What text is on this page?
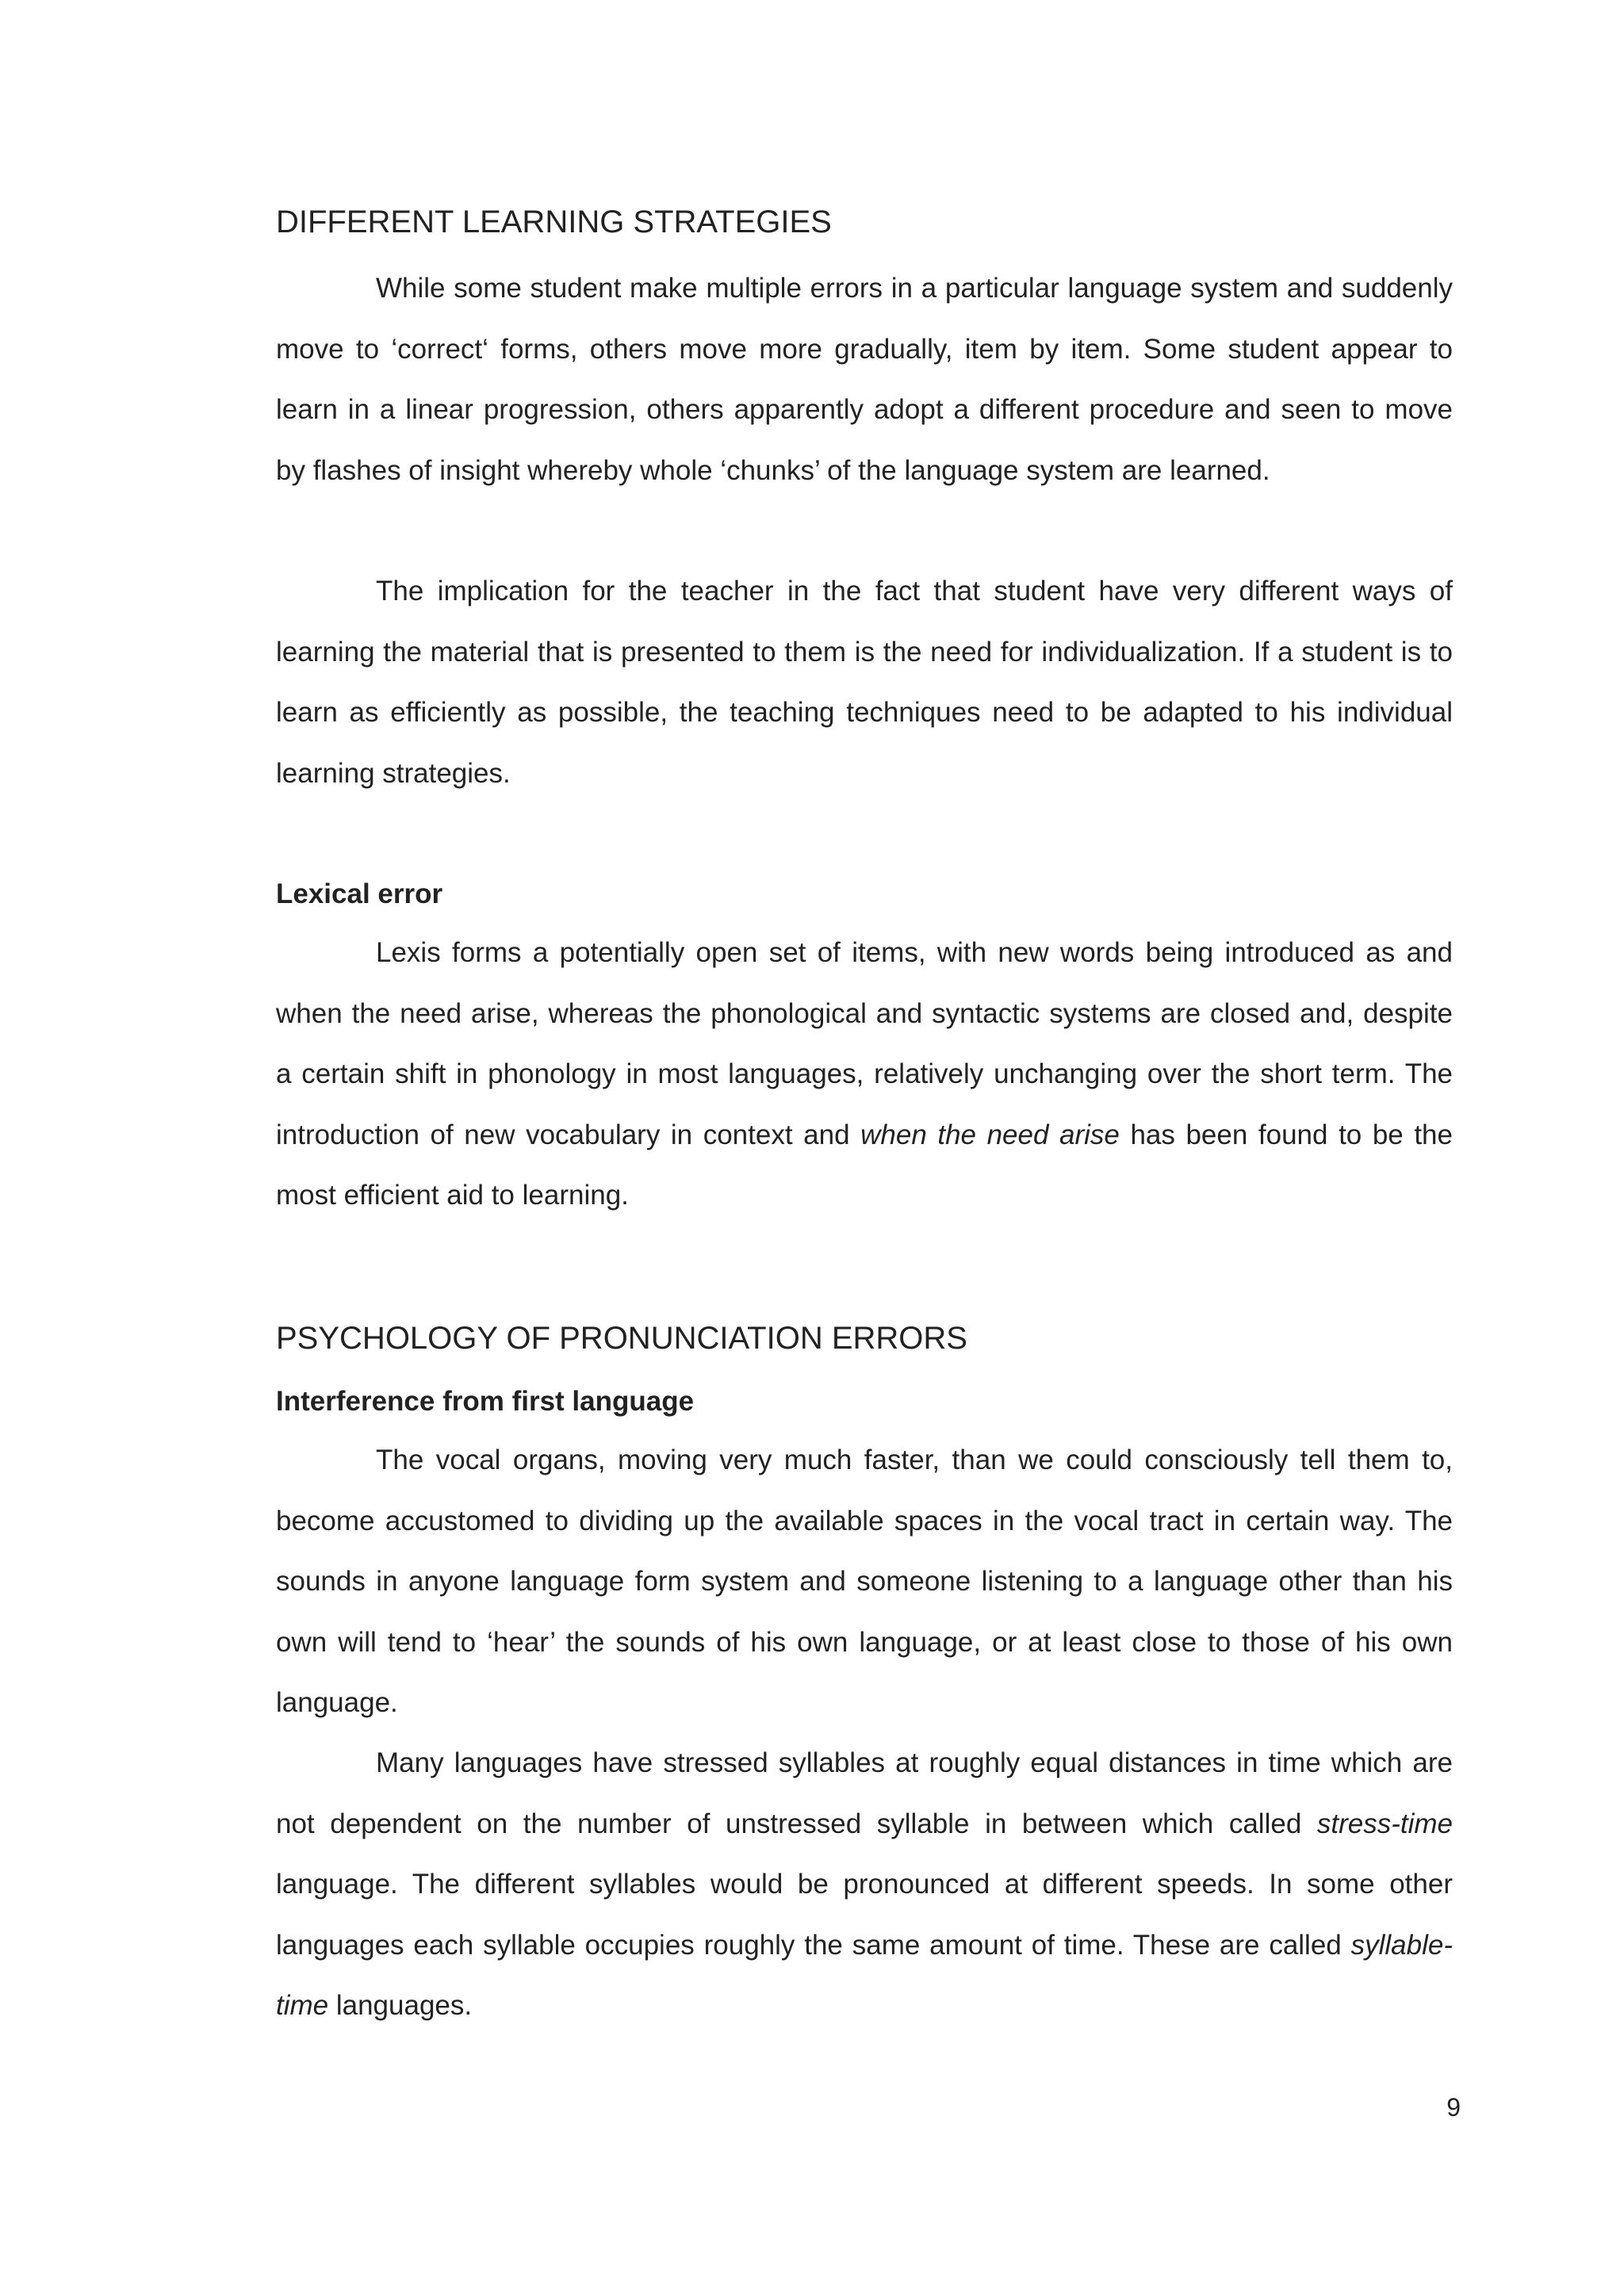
DIFFERENT LEARNING STRATEGIES

While some student make multiple errors in a particular language system and suddenly move to ‘correct‘ forms, others move more gradually, item by item. Some student appear to learn in a linear progression, others apparently adopt a different procedure and seen to move by flashes of insight whereby whole ‘chunks’ of the language system are learned.

The implication for the teacher in the fact that student have very different ways of learning the material that is presented to them is the need for individualization. If a student is to learn as efficiently as possible, the teaching techniques need to be adapted to his individual learning strategies.

Lexical error

Lexis forms a potentially open set of items, with new words being introduced as and when the need arise, whereas the phonological and syntactic systems are closed and, despite a certain shift in phonology in most languages, relatively unchanging over the short term. The introduction of new vocabulary in context and when the need arise has been found to be the most efficient aid to learning.

PSYCHOLOGY OF PRONUNCIATION ERRORS
Interference from first language

The vocal organs, moving very much faster, than we could consciously tell them to, become accustomed to dividing up the available spaces in the vocal tract in certain way. The sounds in anyone language form system and someone listening to a language other than his own will tend to ‘hear’ the sounds of his own language, or at least close to those of his own language.

Many languages have stressed syllables at roughly equal distances in time which are not dependent on the number of unstressed syllable in between which called stress-time language. The different syllables would be pronounced at different speeds. In some other languages each syllable occupies roughly the same amount of time. These are called syllable-time languages.

9
